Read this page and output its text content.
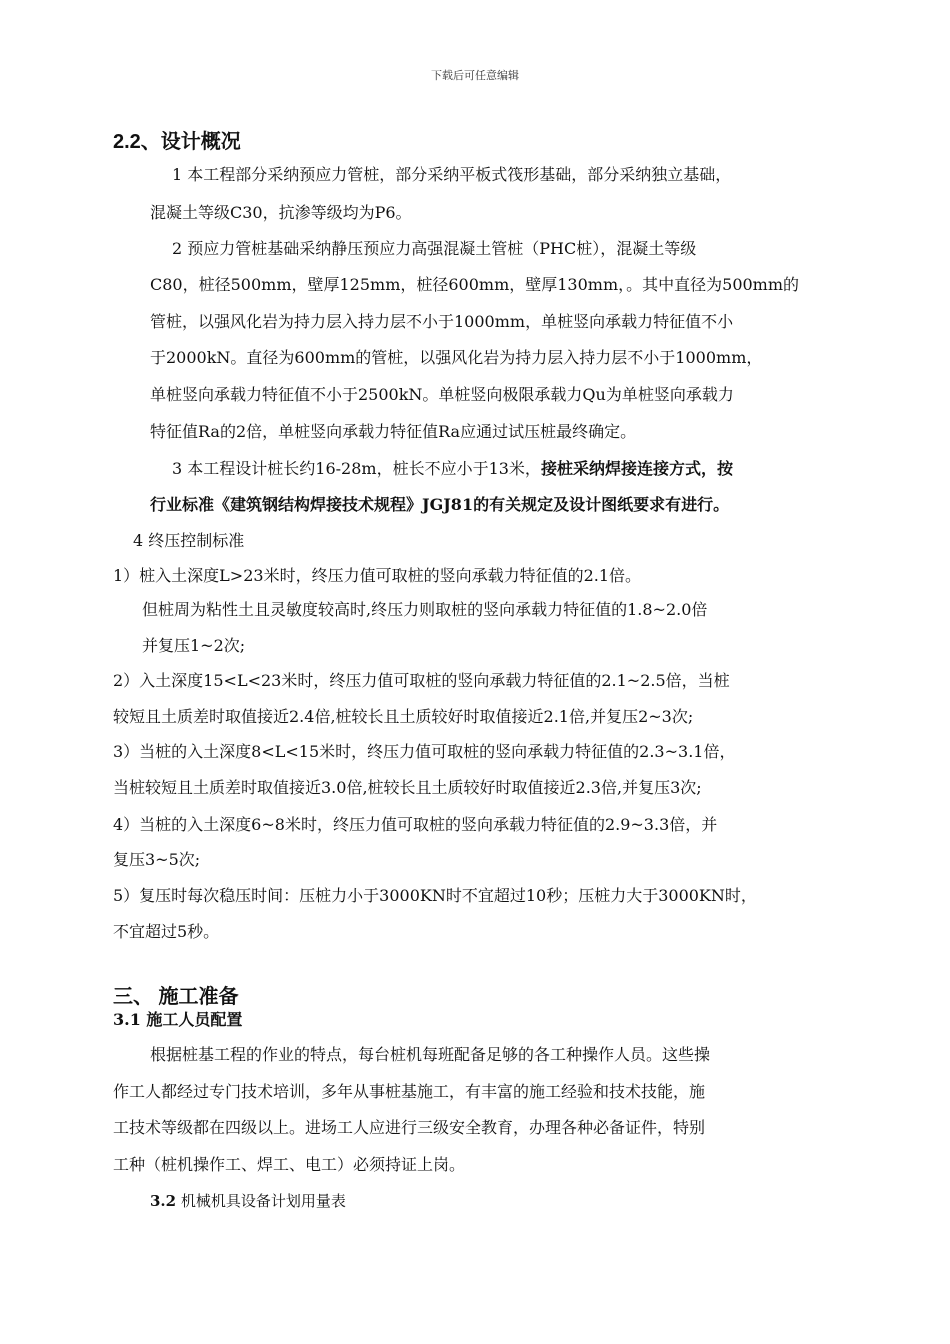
下载后可任意编辑
2.2、设计概况
1 本工程部分采纳预应力管桩，部分采纳平板式筏形基础，部分采纳独立基础，
混凝土等级C30，抗渗等级均为P6。
2 预应力管桩基础采纳静压预应力高强混凝土管桩（PHC桩），混凝土等级
C80，桩径500mm，壁厚125mm，桩径600mm，壁厚130mm，。其中直径为500mm的
管桩，以强风化岩为持力层入持力层不小于1000mm，单桩竖向承载力特征值不小
于2000kN。直径为600mm的管桩，以强风化岩为持力层入持力层不小于1000mm，
单桩竖向承载力特征值不小于2500kN。单桩竖向极限承载力Qu为单桩竖向承载力
特征值Ra的2倍，单桩竖向承载力特征值Ra应通过试压桩最终确定。
3 本工程设计桩长约16-28m，桩长不应小于13米，接桩采纳焊接连接方式，按
行业标准《建筑钢结构焊接技术规程》JGJ81的有关规定及设计图纸要求有进行。
4 终压控制标准
1）桩入土深度L>23米时，终压力值可取桩的竖向承载力特征值的2.1倍。
但桩周为粘性土且灵敏度较高时,终压力则取桩的竖向承载力特征值的1.8~2.0倍
并复压1~2次;
2）入土深度15<L<23米时，终压力值可取桩的竖向承载力特征值的2.1~2.5倍，当桩
较短且土质差时取值接近2.4倍,桩较长且土质较好时取值接近2.1倍,并复压2~3次;
3）当桩的入土深度8<L<15米时，终压力值可取桩的竖向承载力特征值的2.3~3.1倍，
当桩较短且土质差时取值接近3.0倍,桩较长且土质较好时取值接近2.3倍,并复压3次;
4）当桩的入土深度6~8米时，终压力值可取桩的竖向承载力特征值的2.9~3.3倍，并
复压3~5次;
5）复压时每次稳压时间：压桩力小于3000KN时不宜超过10秒；压桩力大于3000KN时，
不宜超过5秒。
三、 施工准备
3.1 施工人员配置
根据桩基工程的作业的特点，每台桩机每班配备足够的各工种操作人员。这些操
作工人都经过专门技术培训，多年从事桩基施工，有丰富的施工经验和技术技能，施
工技术等级都在四级以上。进场工人应进行三级安全教育，办理各种必备证件，特别
工种（桩机操作工、焊工、电工）必须持证上岗。
3.2 机械机具设备计划用量表
